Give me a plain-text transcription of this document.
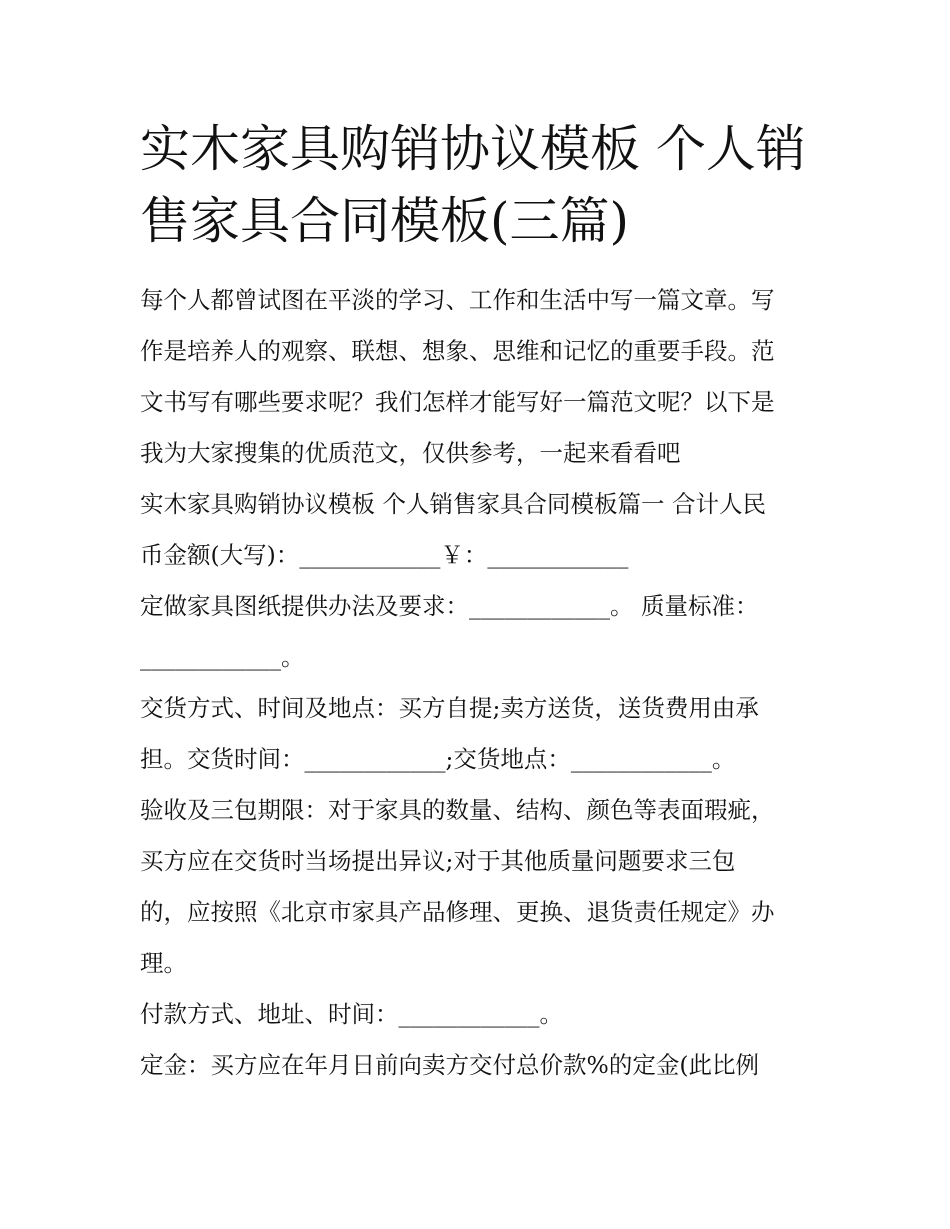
实木家具购销协议模板 个人销
售家具合同模板(三篇)
每个人都曾试图在平淡的学习、工作和生活中写一篇文章。写
作是培养人的观察、联想、想象、思维和记忆的重要手段。范
文书写有哪些要求呢？我们怎样才能写好一篇范文呢？以下是
我为大家搜集的优质范文，仅供参考，一起来看看吧
实木家具购销协议模板 个人销售家具合同模板篇一 合计人民
币金额(大写)：____________￥：____________
定做家具图纸提供办法及要求：____________。 质量标准：
____________。
交货方式、时间及地点：买方自提;卖方送货，送货费用由承
担。交货时间：____________;交货地点：____________。
验收及三包期限：对于家具的数量、结构、颜色等表面瑕疵，
买方应在交货时当场提出异议;对于其他质量问题要求三包
的，应按照《北京市家具产品修理、更换、退货责任规定》办
理。
付款方式、地址、时间：____________。
定金：买方应在年月日前向卖方交付总价款%的定金(此比例
